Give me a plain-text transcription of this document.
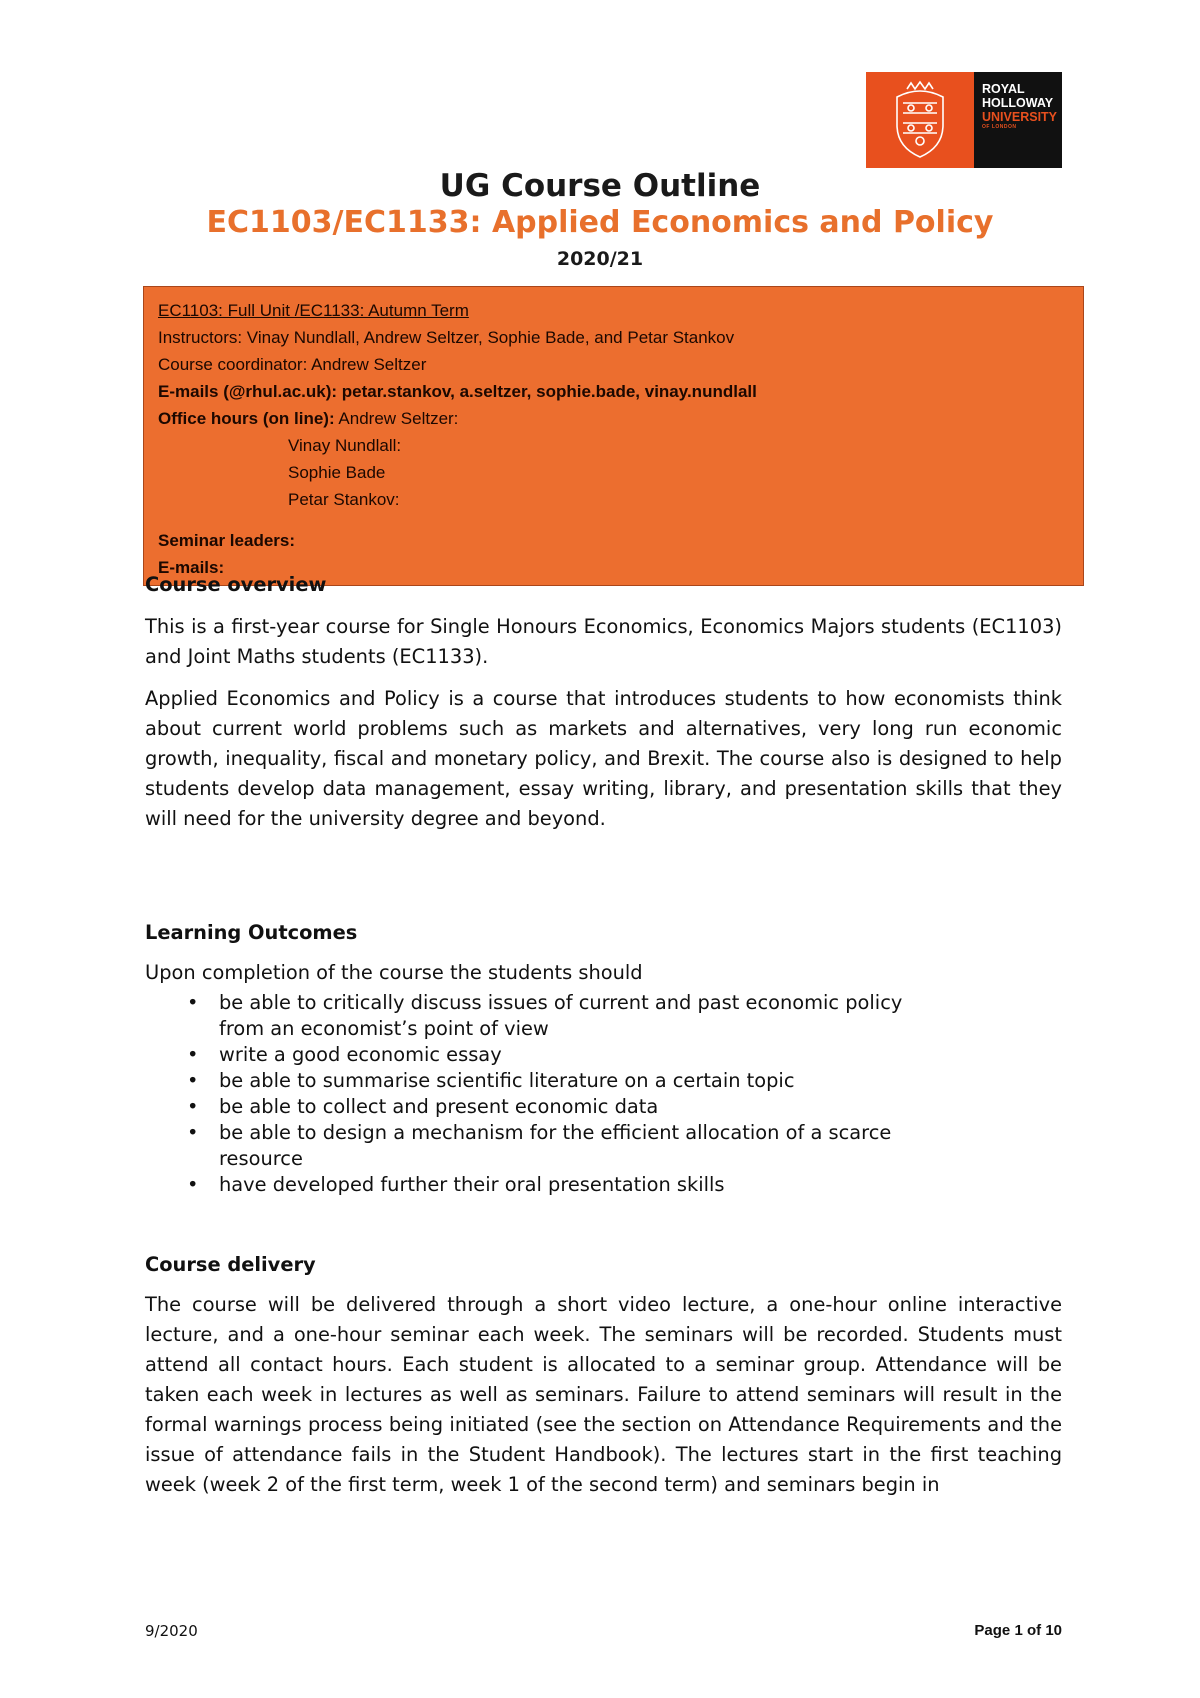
ROYAL
HOLLOWAY
UNIVERSITY
OF LONDON
UG Course Outline
EC1103/EC1133: Applied Economics and Policy
2020/21
EC1103: Full Unit /EC1133: Autumn Term
Instructors: Vinay Nundlall, Andrew Seltzer, Sophie Bade, and Petar Stankov
Course coordinator: Andrew Seltzer
E-mails (@rhul.ac.uk): petar.stankov, a.seltzer, sophie.bade, vinay.nundlall
Office hours (on line): Andrew Seltzer:
Vinay Nundlall:
Sophie Bade
Petar Stankov:
Seminar leaders:
E-mails:
Course overview
This is a first-year course for Single Honours Economics, Economics Majors students (EC1103) and Joint Maths students (EC1133).
Applied Economics and Policy is a course that introduces students to how economists think about current world problems such as markets and alternatives, very long run economic growth, inequality, fiscal and monetary policy, and Brexit. The course also is designed to help students develop data management, essay writing, library, and presentation skills that they will need for the university degree and beyond.
Learning Outcomes
Upon completion of the course the students should
• be able to critically discuss issues of current and past economic policy from an economist’s point of view
• write a good economic essay
• be able to summarise scientific literature on a certain topic
• be able to collect and present economic data
• be able to design a mechanism for the efficient allocation of a scarce resource
• have developed further their oral presentation skills
Course delivery
The course will be delivered through a short video lecture, a one-hour online interactive lecture, and a one-hour seminar each week. The seminars will be recorded. Students must attend all contact hours. Each student is allocated to a seminar group. Attendance will be taken each week in lectures as well as seminars. Failure to attend seminars will result in the formal warnings process being initiated (see the section on Attendance Requirements and the issue of attendance fails in the Student Handbook). The lectures start in the first teaching week (week 2 of the first term, week 1 of the second term) and seminars begin in
9/2020	Page 1 of 10
